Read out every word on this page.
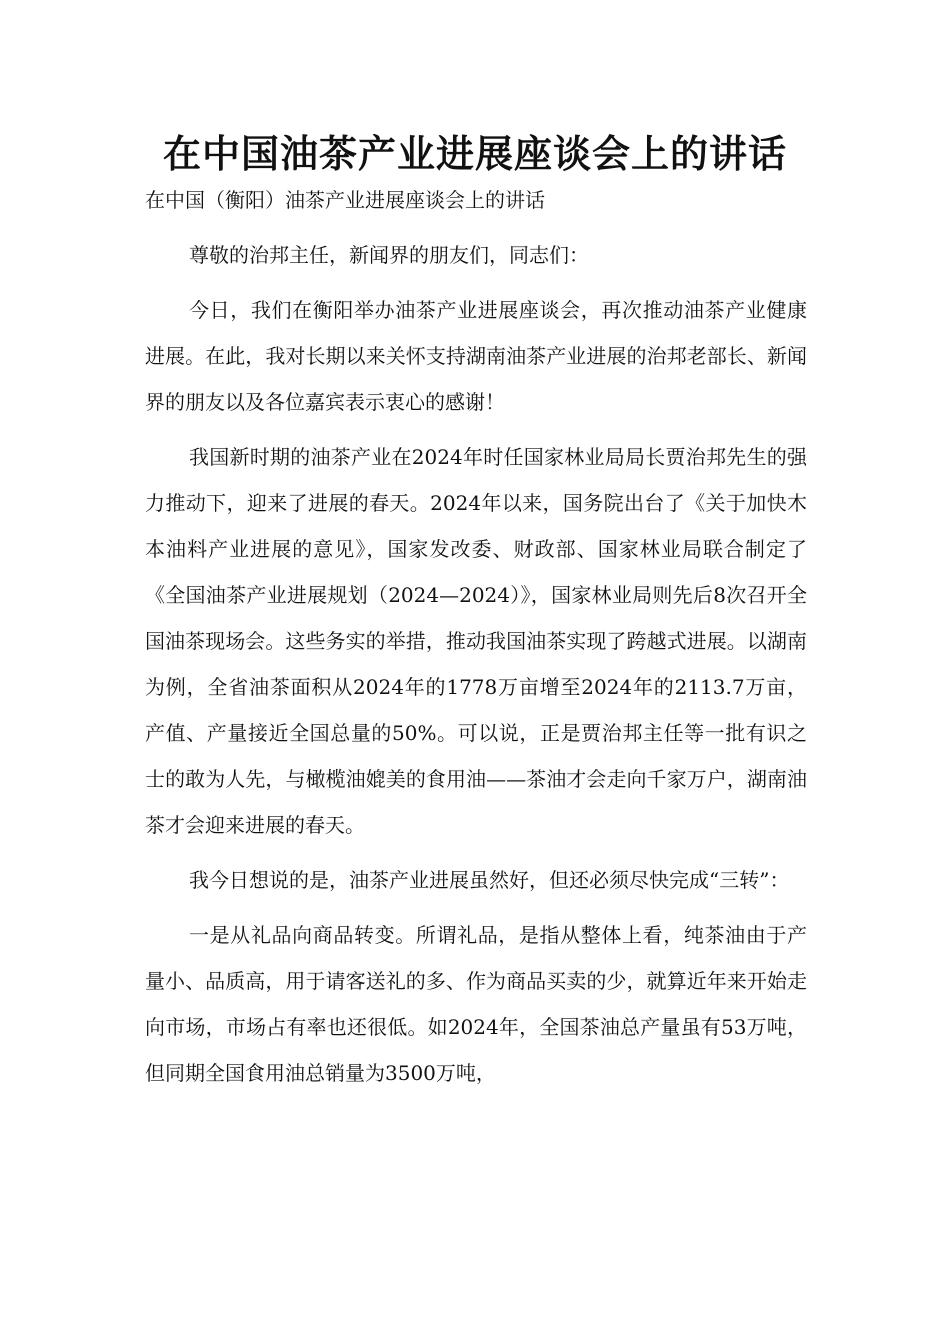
在中国油茶产业进展座谈会上的讲话

在中国（衡阳）油茶产业进展座谈会上的讲话

尊敬的治邦主任，新闻界的朋友们，同志们：

今日，我们在衡阳举办油茶产业进展座谈会，再次推动油茶产业健康进展。在此，我对长期以来关怀支持湖南油茶产业进展的治邦老部长、新闻界的朋友以及各位嘉宾表示衷心的感谢！

我国新时期的油茶产业在2024年时任国家林业局局长贾治邦先生的强力推动下，迎来了进展的春天。2024年以来，国务院出台了《关于加快木本油料产业进展的意见》，国家发改委、财政部、国家林业局联合制定了《全国油茶产业进展规划（2024—2024）》，国家林业局则先后8次召开全国油茶现场会。这些务实的举措，推动我国油茶实现了跨越式进展。以湖南为例，全省油茶面积从2024年的1778万亩增至2024年的2113.7万亩，产值、产量接近全国总量的50%。可以说，正是贾治邦主任等一批有识之士的敢为人先，与橄榄油媲美的食用油——茶油才会走向千家万户，湖南油茶才会迎来进展的春天。

我今日想说的是，油茶产业进展虽然好，但还必须尽快完成“三转”：

一是从礼品向商品转变。所谓礼品，是指从整体上看，纯茶油由于产量小、品质高，用于请客送礼的多、作为商品买卖的少，就算近年来开始走向市场，市场占有率也还很低。如2024年，全国茶油总产量虽有53万吨，但同期全国食用油总销量为3500万吨，
